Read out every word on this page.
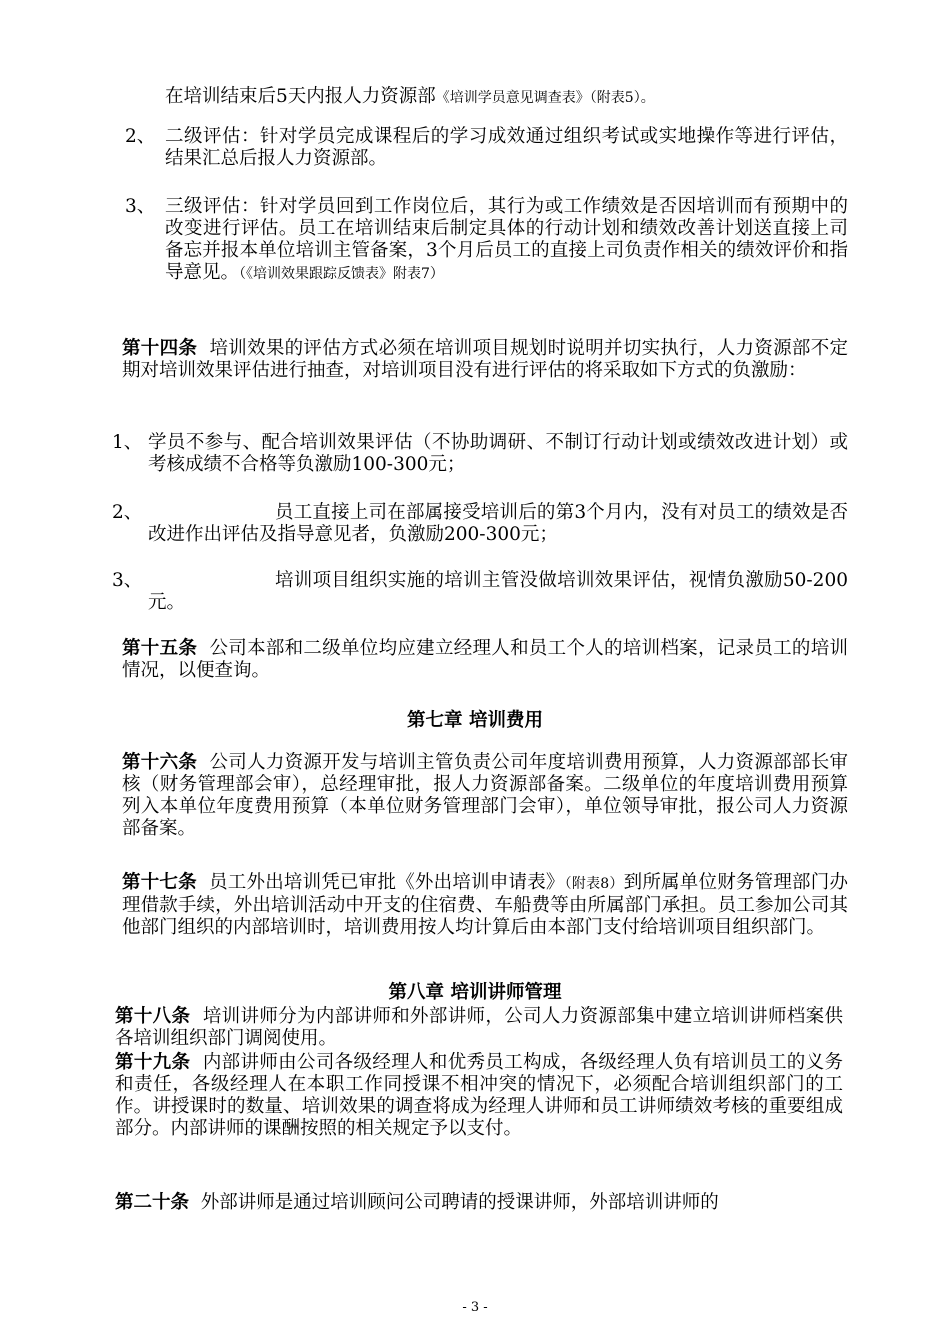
在培训结束后5天内报人力资源部《培训学员意见调查表》（附表5）。
2、 二级评估：针对学员完成课程后的学习成效通过组织考试或实地操作等进行评估，结果汇总后报人力资源部。
3、 三级评估：针对学员回到工作岗位后，其行为或工作绩效是否因培训而有预期中的改变进行评估。员工在培训结束后制定具体的行动计划和绩效改善计划送直接上司备忘并报本单位培训主管备案，3个月后员工的直接上司负责作相关的绩效评价和指导意见。（《培训效果跟踪反馈表》附表7）
第十四条 培训效果的评估方式必须在培训项目规划时说明并切实执行，人力资源部不定期对培训效果评估进行抽查，对培训项目没有进行评估的将采取如下方式的负激励：
1、 学员不参与、配合培训效果评估（不协助调研、不制订行动计划或绩效改进计划）或考核成绩不合格等负激励100-300元；
2、	员工直接上司在部属接受培训后的第3个月内，没有对员工的绩效是否改进作出评估及指导意见者，负激励200-300元；
3、	培训项目组织实施的培训主管没做培训效果评估，视情负激励50-200元。
第十五条 公司本部和二级单位均应建立经理人和员工个人的培训档案，记录员工的培训情况，以便查询。
第七章 培训费用
第十六条 公司人力资源开发与培训主管负责公司年度培训费用预算，人力资源部部长审核（财务管理部会审），总经理审批，报人力资源部备案。二级单位的年度培训费用预算列入本单位年度费用预算（本单位财务管理部门会审），单位领导审批，报公司人力资源部备案。
第十七条 员工外出培训凭已审批《外出培训申请表》（附表8）到所属单位财务管理部门办理借款手续，外出培训活动中开支的住宿费、车船费等由所属部门承担。员工参加公司其他部门组织的内部培训时，培训费用按人均计算后由本部门支付给培训项目组织部门。
第八章 培训讲师管理
第十八条 培训讲师分为内部讲师和外部讲师，公司人力资源部集中建立培训讲师档案供各培训组织部门调阅使用。
第十九条 内部讲师由公司各级经理人和优秀员工构成，各级经理人负有培训员工的义务和责任，各级经理人在本职工作同授课不相冲突的情况下，必须配合培训组织部门的工作。讲授课时的数量、培训效果的调查将成为经理人讲师和员工讲师绩效考核的重要组成部分。内部讲师的课酬按照的相关规定予以支付。
第二十条 外部讲师是通过培训顾问公司聘请的授课讲师，外部培训讲师的
- 3 -
